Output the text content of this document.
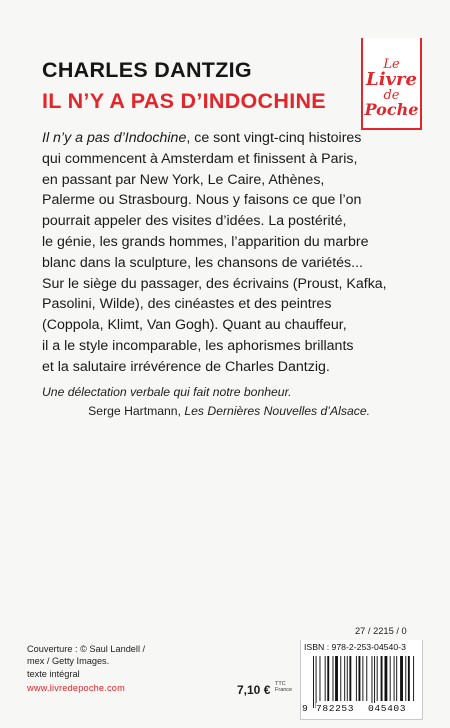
CHARLES DANTZIG
IL N’Y A PAS D’INDOCHINE
Le
Livre
de
Poche
Il n’y a pas d’Indochine, ce sont vingt-cinq histoires
qui commencent à Amsterdam et finissent à Paris,
en passant par New York, Le Caire, Athènes,
Palerme ou Strasbourg. Nous y faisons ce que l’on
pourrait appeler des visites d’idées. La postérité,
le génie, les grands hommes, l’apparition du marbre
blanc dans la sculpture, les chansons de variétés...
Sur le siège du passager, des écrivains (Proust, Kafka,
Pasolini, Wilde), des cinéastes et des peintres
(Coppola, Klimt, Van Gogh). Quant au chauffeur,
il a le style incomparable, les aphorismes brillants
et la salutaire irrévérence de Charles Dantzig.
Une délectation verbale qui fait notre bonheur.
Serge Hartmann, Les Dernières Nouvelles d’Alsace.
Couverture : © Saul Landell /
mex / Getty Images.
texte intégral
www.livredepoche.com	7,10 € TTC
France
27 / 2215 / 0
ISBN : 978-2-253-04540-3
9 782253 045403
